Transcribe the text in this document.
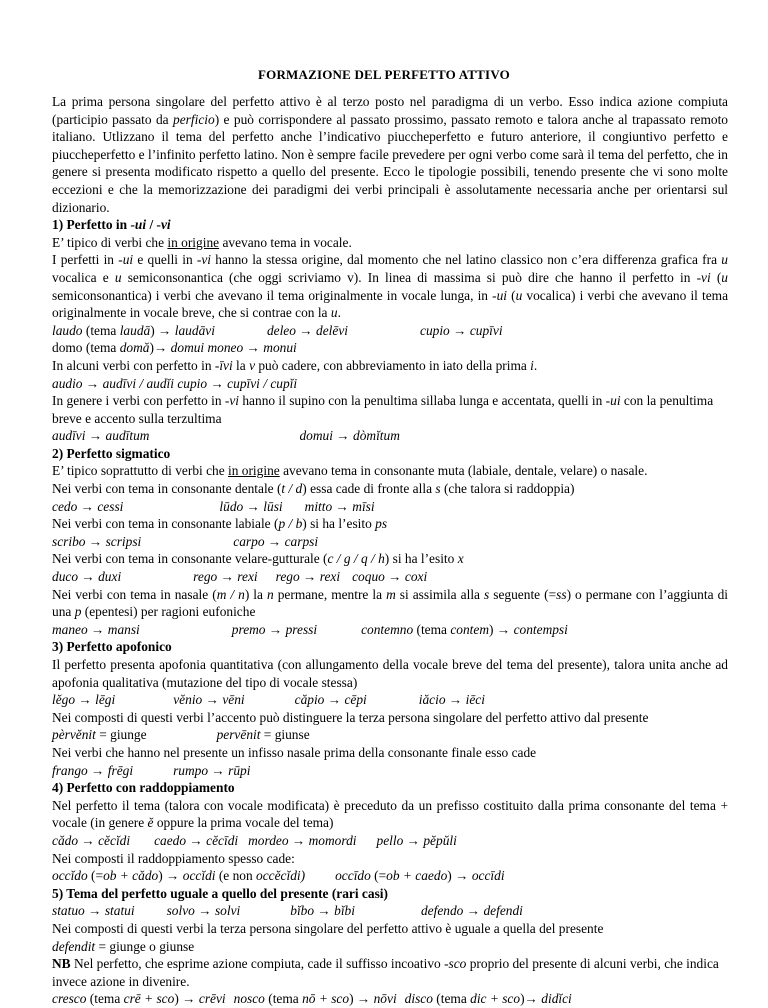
FORMAZIONE DEL PERFETTO ATTIVO

La prima persona singolare del perfetto attivo è al terzo posto nel paradigma di un verbo. Esso indica azione compiuta (participio passato da perficio) e può corrispondere al passato prossimo, passato remoto e talora anche al trapassato remoto italiano. Utlizzano il tema del perfetto anche l’indicativo piuccheperfetto e futuro anteriore, il congiuntivo perfetto e piuccheperfetto e l’infinito perfetto latino. Non è sempre facile prevedere per ogni verbo come sarà il tema del perfetto, che in genere si presenta modificato rispetto a quello del presente. Ecco le tipologie possibili, tenendo presente che vi sono molte eccezioni e che la memorizzazione dei paradigmi dei verbi principali è assolutamente necessaria anche per orientarsi sul dizionario.

1) Perfetto in -ui / -vi

E’ tipico di verbi che in origine avevano tema in vocale.

I perfetti in -ui e quelli in -vi hanno la stessa origine, dal momento che nel latino classico non c’era differenza grafica fra u vocalica e u semiconsonantica (che oggi scriviamo v). In linea di massima si può dire che hanno il perfetto in -vi (u semiconsonantica) i verbi che avevano il tema originalmente in vocale lunga, in -ui (u vocalica) i verbi che avevano il tema originalmente in vocale breve, che si contrae con la u.

laudo (tema laudā) → laudāvi	deleo → delēvi	cupio → cupīvi

domo (tema domă)→ domui moneo → monui

In alcuni verbi con perfetto in -īvi la v può cadere, con abbreviamento in iato della prima i.

audio → audīvi / audĭi cupio → cupīvi / cupĭi

In genere i verbi con perfetto in -vi hanno il supino con la penultima sillaba lunga e accentata, quelli in -ui con la penultima breve e accento sulla terzultima

audīvi → audītum	domui → dòmĭtum

2) Perfetto sigmatico

E’ tipico soprattutto di verbi che in origine avevano tema in consonante muta (labiale, dentale, velare) o nasale.

Nei verbi con tema in consonante dentale (t / d) essa cade di fronte alla s (che talora si raddoppia)

cedo → cessi	lūdo → lūsi mitto → mīsi

Nei verbi con tema in consonante labiale (p / b) si ha l’esito ps

scribo → scripsi	carpo → carpsi

Nei verbi con tema in consonante velare-gutturale (c / g / q / h) si ha l’esito x

duco → duxi	rego → rexi rego → rexi coquo → coxi

Nei verbi con tema in nasale (m / n) la n permane, mentre la m si assimila alla s seguente (=ss) o permane con l’aggiunta di una p (epentesi) per ragioni eufoniche

maneo → mansi	premo → pressi	contemno (tema contem) → contempsi

3) Perfetto apofonico

Il perfetto presenta apofonia quantitativa (con allungamento della vocale breve del tema del presente), talora unita anche ad apofonia qualitativa (mutazione del tipo di vocale stessa)

lĕgo → lēgi	vĕnio → vēni	căpio → cēpi	iăcio → iēci

Nei composti di questi verbi l’accento può distinguere la terza persona singolare del perfetto attivo dal presente

pèrvĕnit = giunge	pervēnit = giunse

Nei verbi che hanno nel presente un infisso nasale prima della consonante finale esso cade

frango → frēgi	rumpo → rūpi

4) Perfetto con raddoppiamento

Nel perfetto il tema (talora con vocale modificata) è preceduto da un prefisso costituito dalla prima consonante del tema + vocale (in genere ĕ oppure la prima vocale del tema)

cădo → cĕcĭdi caedo → cĕcīdi mordeo → momordi pello → pĕpŭli

Nei composti il raddoppiamento spesso cade:

occĭdo (=ob + cădo) → occĭdi (e non occĕcĭdi) occīdo (=ob + caedo) → occīdi

5) Tema del perfetto uguale a quello del presente (rari casi)

statuo → statui solvo → solvi	bĭbo → bĭbi	defendo → defendi

Nei composti di questi verbi la terza persona singolare del perfetto attivo è uguale a quella del presente

defendit = giunge o giunse

NB Nel perfetto, che esprime azione compiuta, cade il suffisso incoativo -sco proprio del presente di alcuni verbi, che indica invece azione in divenire.

cresco (tema crē + sco) → crēvi nosco (tema nō + sco) → nōvi disco (tema dic + sco)→ didĭci
